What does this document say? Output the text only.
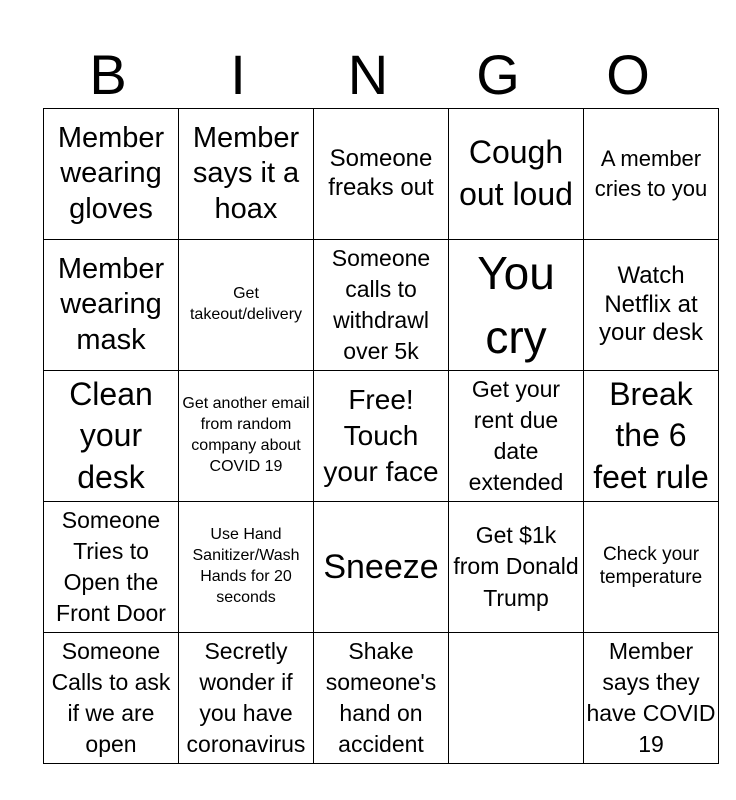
B	I	N	G	O
Member wearing gloves	Member says it a hoax	Someone freaks out	Cough out loud	A member cries to you
Member wearing mask	Get takeout/delivery	Someone calls to withdrawl over 5k	You cry	Watch Netflix at your desk
Clean your desk	Get another email from random company about COVID 19	Free! Touch your face	Get your rent due date extended	Break the 6 feet rule
Someone Tries to Open the Front Door	Use Hand Sanitizer/Wash Hands for 20 seconds	Sneeze	Get $1k from Donald Trump	Check your temperature
Someone Calls to ask if we are open	Secretly wonder if you have coronavirus	Shake someone's hand on accident		Member says they have COVID 19
